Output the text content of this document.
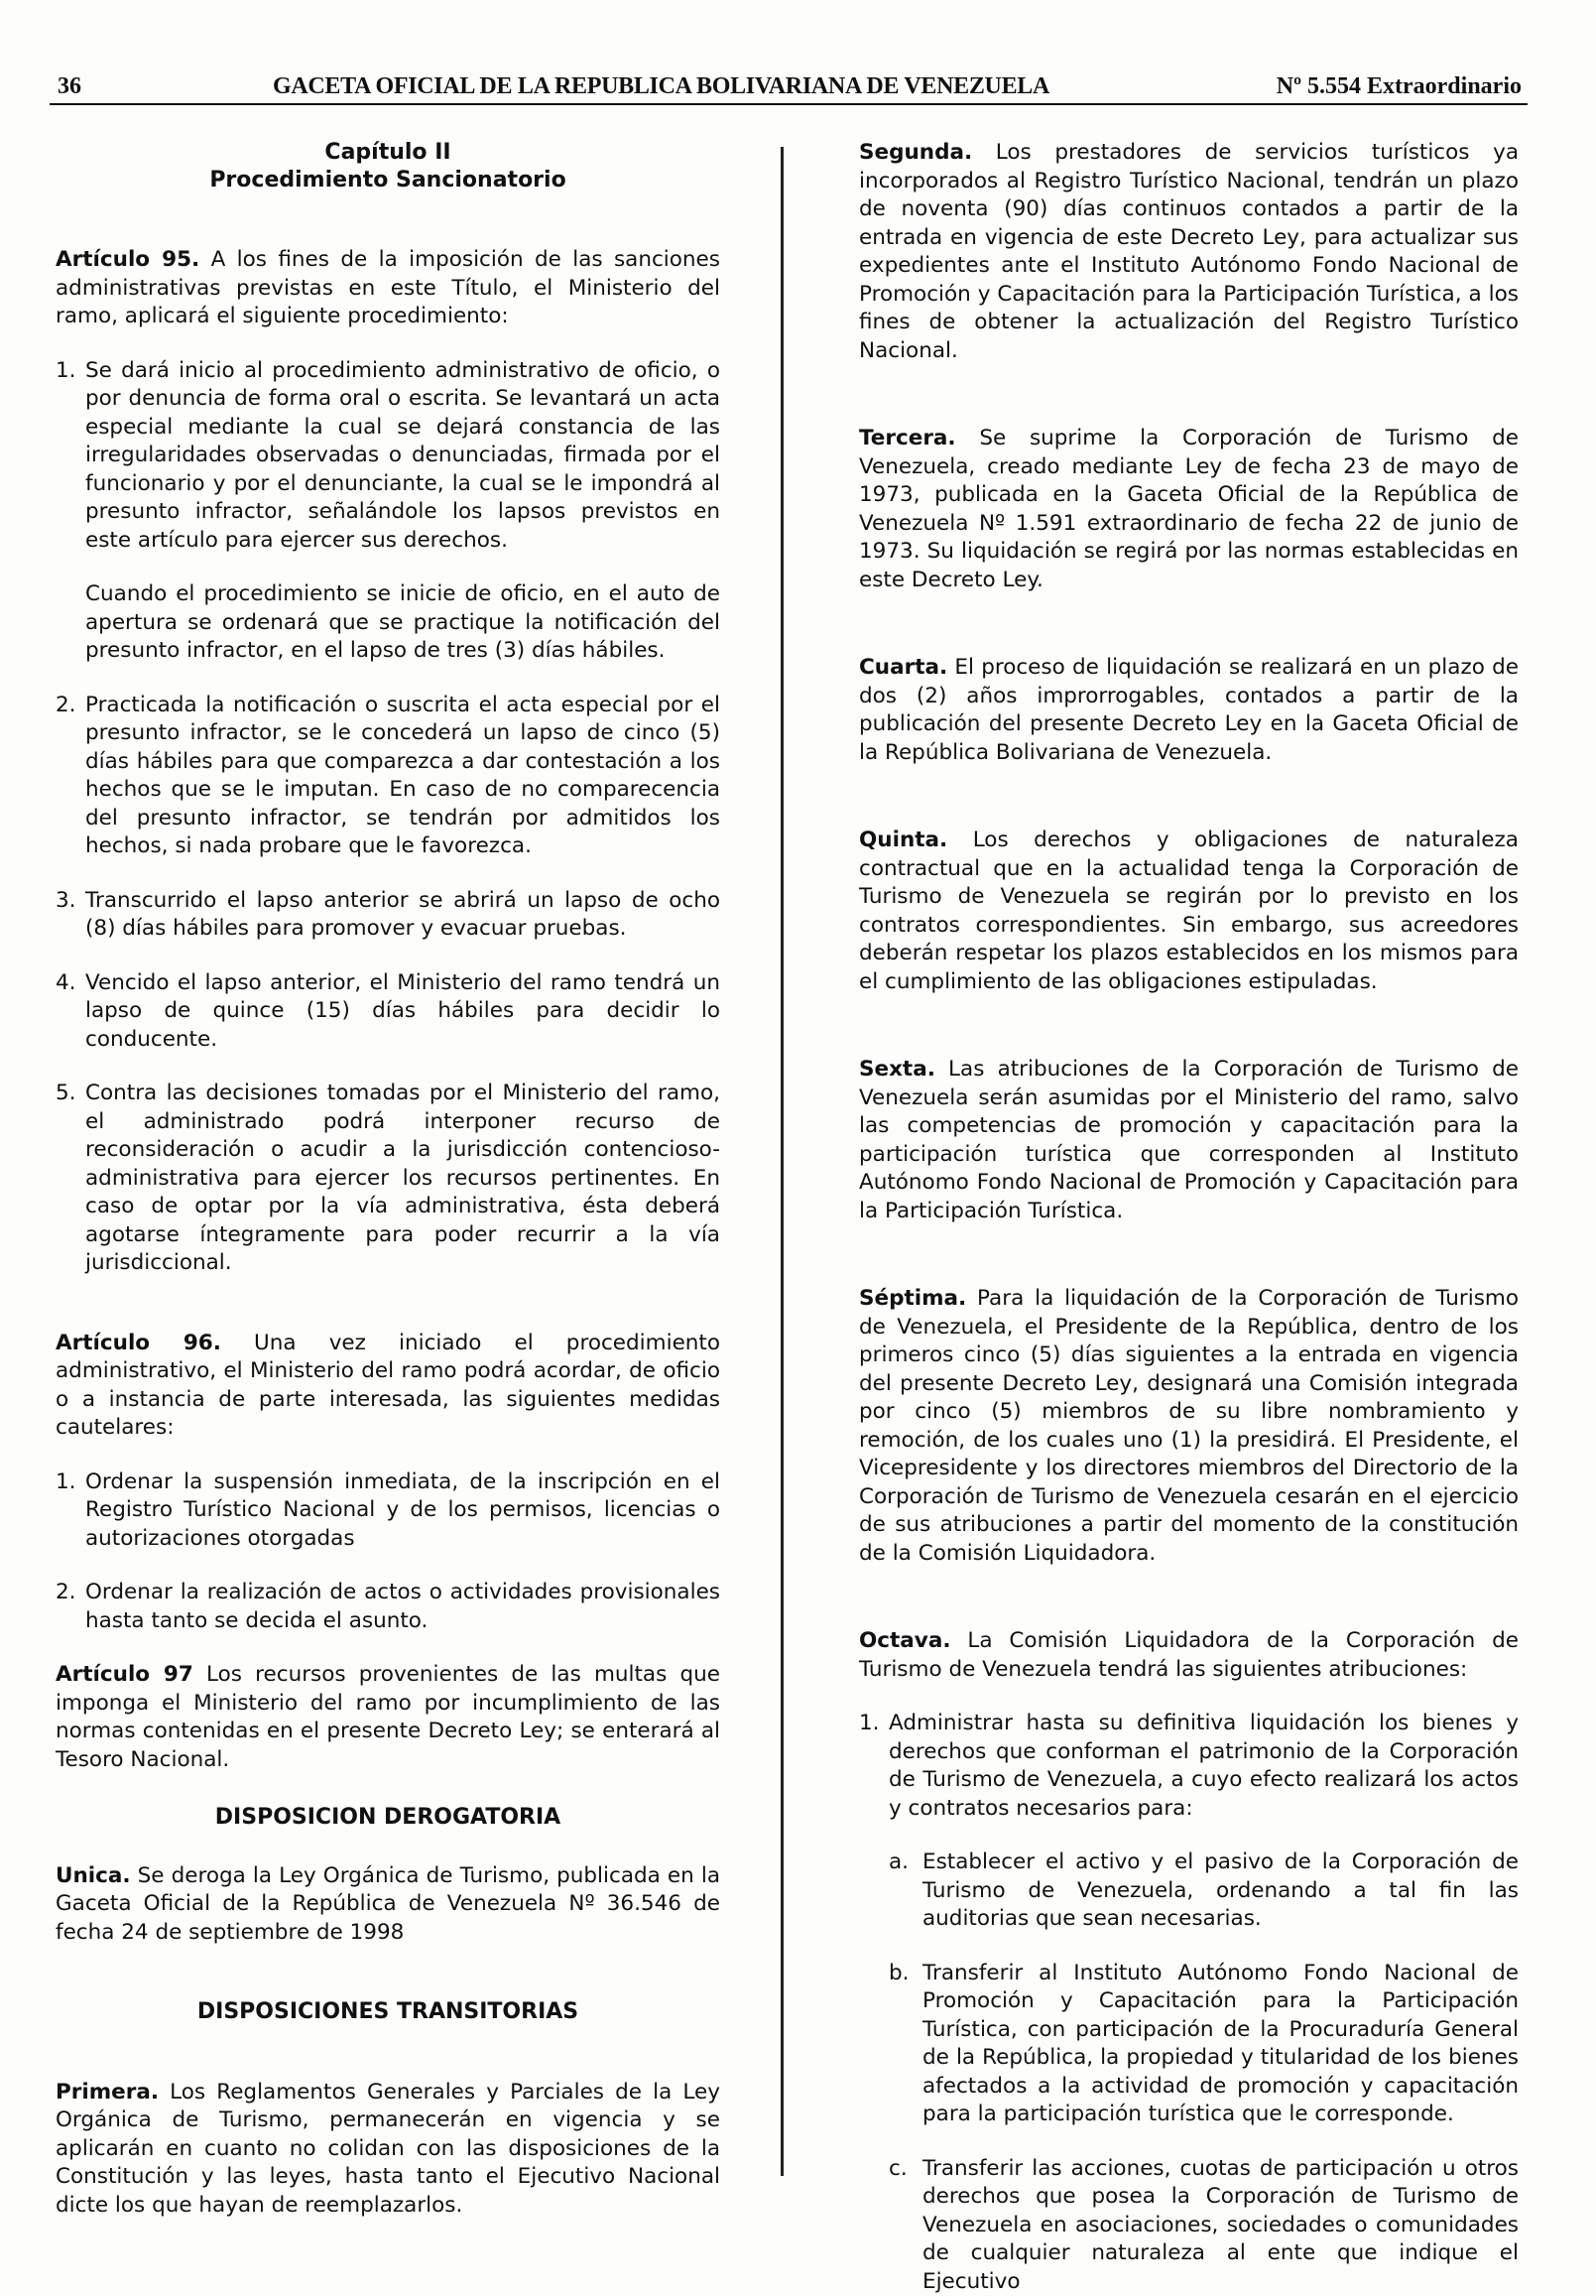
36	GACETA OFICIAL DE LA REPUBLICA BOLIVARIANA DE VENEZUELA	Nº 5.554 Extraordinario
Capítulo II
Procedimiento Sancionatorio

Artículo 95. A los fines de la imposición de las sanciones administrativas previstas en este Título, el Ministerio del ramo, aplicará el siguiente procedimiento:

1. Se dará inicio al procedimiento administrativo de oficio, o por denuncia de forma oral o escrita. Se levantará un acta especial mediante la cual se dejará constancia de las irregularidades observadas o denunciadas, firmada por el funcionario y por el denunciante, la cual se le impondrá al presunto infractor, señalándole los lapsos previstos en este artículo para ejercer sus derechos.
Cuando el procedimiento se inicie de oficio, en el auto de apertura se ordenará que se practique la notificación del presunto infractor, en el lapso de tres (3) días hábiles.
2. Practicada la notificación o suscrita el acta especial por el presunto infractor, se le concederá un lapso de cinco (5) días hábiles para que comparezca a dar contestación a los hechos que se le imputan. En caso de no comparecencia del presunto infractor, se tendrán por admitidos los hechos, si nada probare que le favorezca.
3. Transcurrido el lapso anterior se abrirá un lapso de ocho (8) días hábiles para promover y evacuar pruebas.
4. Vencido el lapso anterior, el Ministerio del ramo tendrá un lapso de quince (15) días hábiles para decidir lo conducente.
5. Contra las decisiones tomadas por el Ministerio del ramo, el administrado podrá interponer recurso de reconsideración o acudir a la jurisdicción contencioso-administrativa para ejercer los recursos pertinentes. En caso de optar por la vía administrativa, ésta deberá agotarse íntegramente para poder recurrir a la vía jurisdiccional.

Artículo 96. Una vez iniciado el procedimiento administrativo, el Ministerio del ramo podrá acordar, de oficio o a instancia de parte interesada, las siguientes medidas cautelares:

1. Ordenar la suspensión inmediata, de la inscripción en el Registro Turístico Nacional y de los permisos, licencias o autorizaciones otorgadas
2. Ordenar la realización de actos o actividades provisionales hasta tanto se decida el asunto.

Artículo 97 Los recursos provenientes de las multas que imponga el Ministerio del ramo por incumplimiento de las normas contenidas en el presente Decreto Ley; se enterará al Tesoro Nacional.

DISPOSICION DEROGATORIA

Unica. Se deroga la Ley Orgánica de Turismo, publicada en la Gaceta Oficial de la República de Venezuela Nº 36.546 de fecha 24 de septiembre de 1998

DISPOSICIONES TRANSITORIAS

Primera. Los Reglamentos Generales y Parciales de la Ley Orgánica de Turismo, permanecerán en vigencia y se aplicarán en cuanto no colidan con las disposiciones de la Constitución y las leyes, hasta tanto el Ejecutivo Nacional dicte los que hayan de reemplazarlos.

Segunda. Los prestadores de servicios turísticos ya incorporados al Registro Turístico Nacional, tendrán un plazo de noventa (90) días continuos contados a partir de la entrada en vigencia de este Decreto Ley, para actualizar sus expedientes ante el Instituto Autónomo Fondo Nacional de Promoción y Capacitación para la Participación Turística, a los fines de obtener la actualización del Registro Turístico Nacional.

Tercera. Se suprime la Corporación de Turismo de Venezuela, creado mediante Ley de fecha 23 de mayo de 1973, publicada en la Gaceta Oficial de la República de Venezuela Nº 1.591 extraordinario de fecha 22 de junio de 1973. Su liquidación se regirá por las normas establecidas en este Decreto Ley.

Cuarta. El proceso de liquidación se realizará en un plazo de dos (2) años improrrogables, contados a partir de la publicación del presente Decreto Ley en la Gaceta Oficial de la República Bolivariana de Venezuela.

Quinta. Los derechos y obligaciones de naturaleza contractual que en la actualidad tenga la Corporación de Turismo de Venezuela se regirán por lo previsto en los contratos correspondientes. Sin embargo, sus acreedores deberán respetar los plazos establecidos en los mismos para el cumplimiento de las obligaciones estipuladas.

Sexta. Las atribuciones de la Corporación de Turismo de Venezuela serán asumidas por el Ministerio del ramo, salvo las competencias de promoción y capacitación para la participación turística que corresponden al Instituto Autónomo Fondo Nacional de Promoción y Capacitación para la Participación Turística.

Séptima. Para la liquidación de la Corporación de Turismo de Venezuela, el Presidente de la República, dentro de los primeros cinco (5) días siguientes a la entrada en vigencia del presente Decreto Ley, designará una Comisión integrada por cinco (5) miembros de su libre nombramiento y remoción, de los cuales uno (1) la presidirá. El Presidente, el Vicepresidente y los directores miembros del Directorio de la Corporación de Turismo de Venezuela cesarán en el ejercicio de sus atribuciones a partir del momento de la constitución de la Comisión Liquidadora.

Octava. La Comisión Liquidadora de la Corporación de Turismo de Venezuela tendrá las siguientes atribuciones:

1. Administrar hasta su definitiva liquidación los bienes y derechos que conforman el patrimonio de la Corporación de Turismo de Venezuela, a cuyo efecto realizará los actos y contratos necesarios para:
a. Establecer el activo y el pasivo de la Corporación de Turismo de Venezuela, ordenando a tal fin las auditorias que sean necesarias.
b. Transferir al Instituto Autónomo Fondo Nacional de Promoción y Capacitación para la Participación Turística, con participación de la Procuraduría General de la República, la propiedad y titularidad de los bienes afectados a la actividad de promoción y capacitación para la participación turística que le corresponde.
c. Transferir las acciones, cuotas de participación u otros derechos que posea la Corporación de Turismo de Venezuela en asociaciones, sociedades o comunidades de cualquier naturaleza al ente que indique el Ejecutivo
